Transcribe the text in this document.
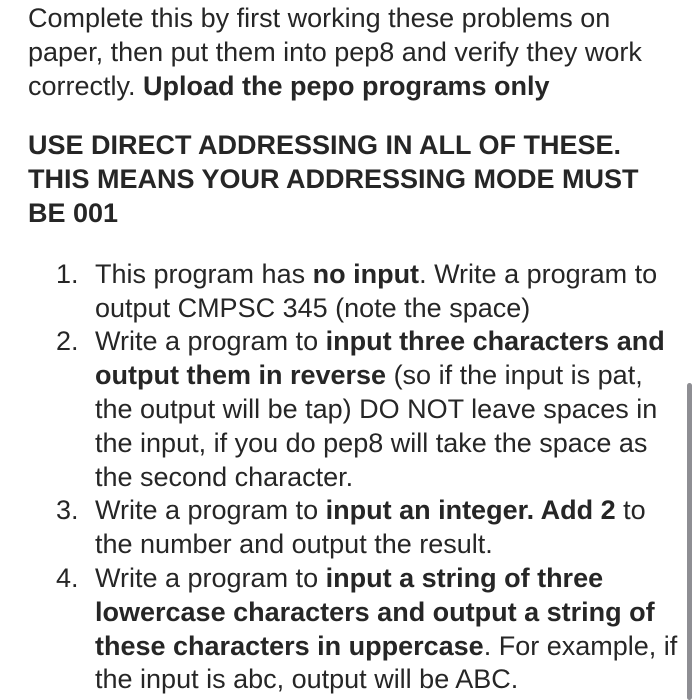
Complete this by first working these problems on paper, then put them into pep8 and verify they work correctly. Upload the pepo programs only

USE DIRECT ADDRESSING IN ALL OF THESE. THIS MEANS YOUR ADDRESSING MODE MUST BE 001

1. This program has no input. Write a program to output CMPSC 345 (note the space)
2. Write a program to input three characters and output them in reverse (so if the input is pat, the output will be tap) DO NOT leave spaces in the input, if you do pep8 will take the space as the second character.
3. Write a program to input an integer. Add 2 to the number and output the result.
4. Write a program to input a string of three lowercase characters and output a string of these characters in uppercase. For example, if the input is abc, output will be ABC.
